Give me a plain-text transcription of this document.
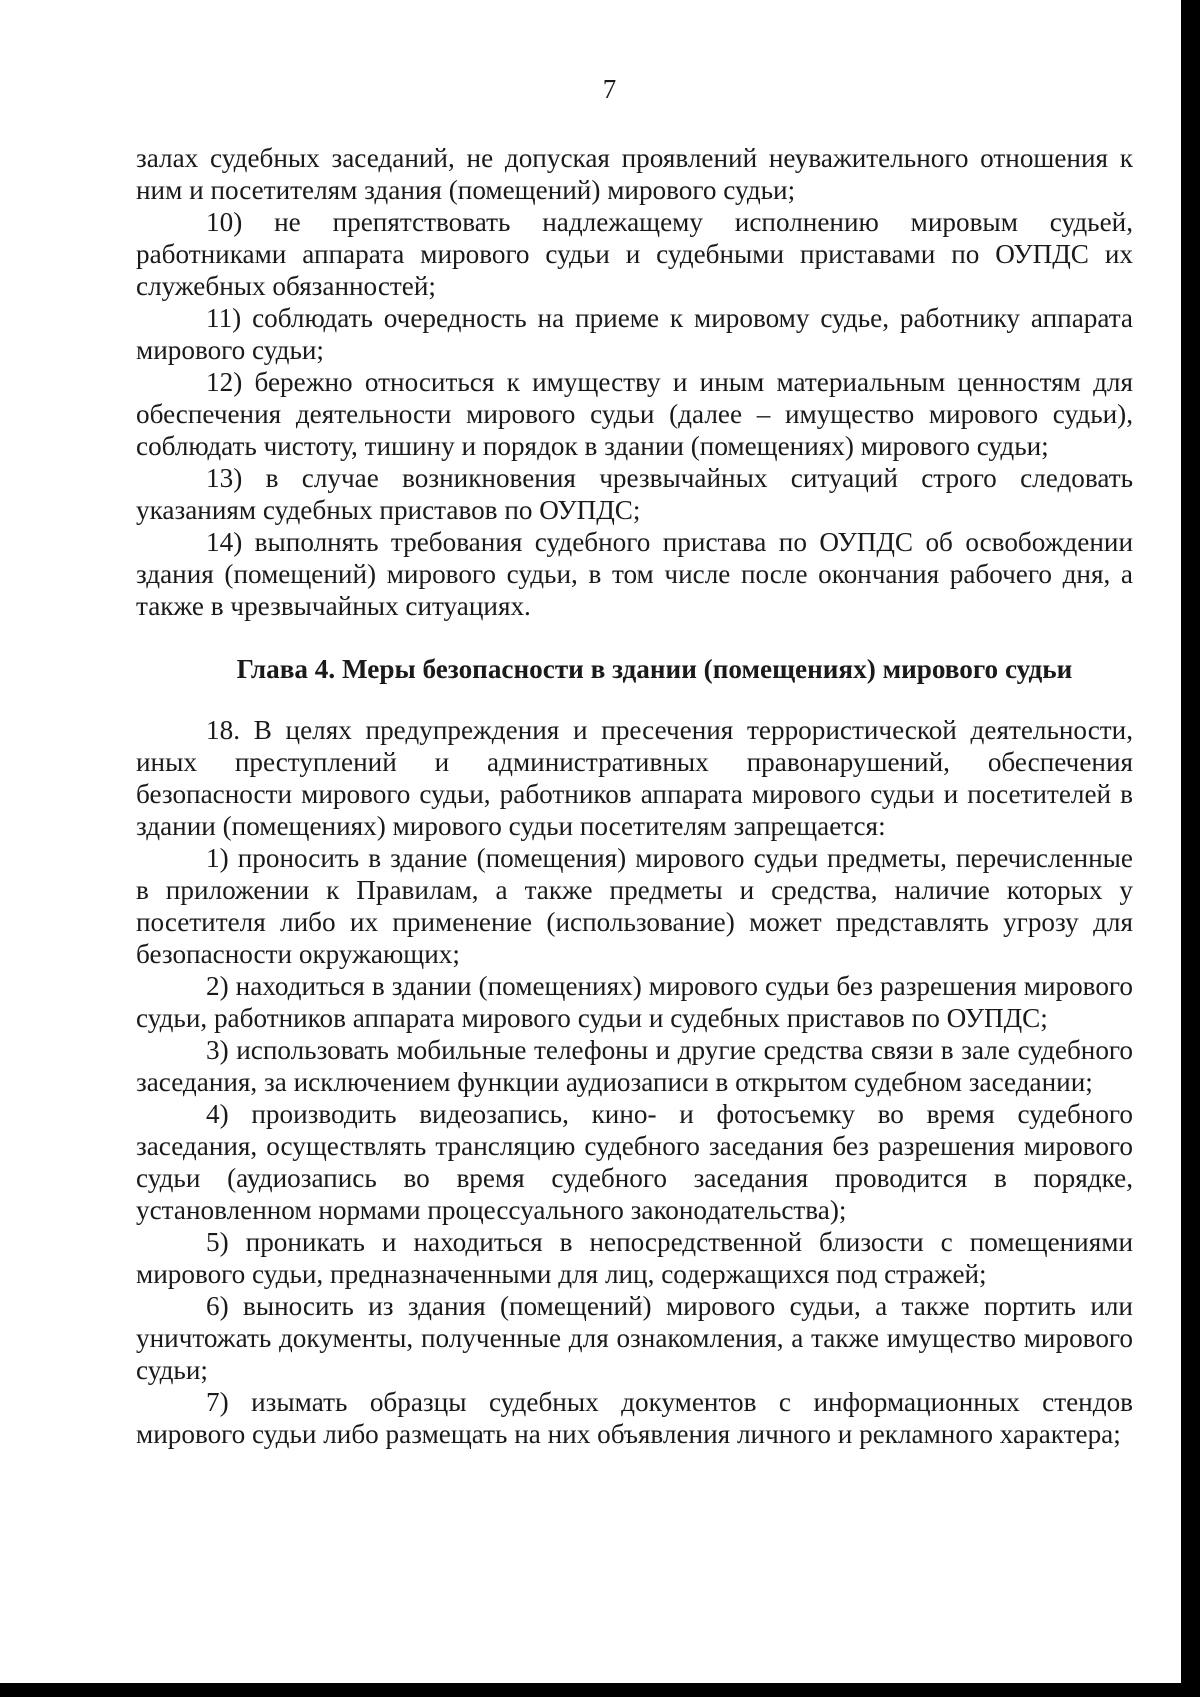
7

залах судебных заседаний, не допуская проявлений неуважительного отношения к ним и посетителям здания (помещений) мирового судьи;

10) не препятствовать надлежащему исполнению мировым судьей, работниками аппарата мирового судьи и судебными приставами по ОУПДС их служебных обязанностей;

11) соблюдать очередность на приеме к мировому судье, работнику аппарата мирового судьи;

12) бережно относиться к имуществу и иным материальным ценностям для обеспечения деятельности мирового судьи (далее – имущество мирового судьи), соблюдать чистоту, тишину и порядок в здании (помещениях) мирового судьи;

13) в случае возникновения чрезвычайных ситуаций строго следовать указаниям судебных приставов по ОУПДС;

14) выполнять требования судебного пристава по ОУПДС об освобождении здания (помещений) мирового судьи, в том числе после окончания рабочего дня, а также в чрезвычайных ситуациях.

Глава 4. Меры безопасности в здании (помещениях) мирового судьи

18. В целях предупреждения и пресечения террористической деятельности, иных преступлений и административных правонарушений, обеспечения безопасности мирового судьи, работников аппарата мирового судьи и посетителей в здании (помещениях) мирового судьи посетителям запрещается:

1) проносить в здание (помещения) мирового судьи предметы, перечисленные в приложении к Правилам, а также предметы и средства, наличие которых у посетителя либо их применение (использование) может представлять угрозу для безопасности окружающих;

2) находиться в здании (помещениях) мирового судьи без разрешения мирового судьи, работников аппарата мирового судьи и судебных приставов по ОУПДС;

3) использовать мобильные телефоны и другие средства связи в зале судебного заседания, за исключением функции аудиозаписи в открытом судебном заседании;

4) производить видеозапись, кино- и фотосъемку во время судебного заседания, осуществлять трансляцию судебного заседания без разрешения мирового судьи (аудиозапись во время судебного заседания проводится в порядке, установленном нормами процессуального законодательства);

5) проникать и находиться в непосредственной близости с помещениями мирового судьи, предназначенными для лиц, содержащихся под стражей;

6) выносить из здания (помещений) мирового судьи, а также портить или уничтожать документы, полученные для ознакомления, а также имущество мирового судьи;

7) изымать образцы судебных документов с информационных стендов мирового судьи либо размещать на них объявления личного и рекламного характера;
